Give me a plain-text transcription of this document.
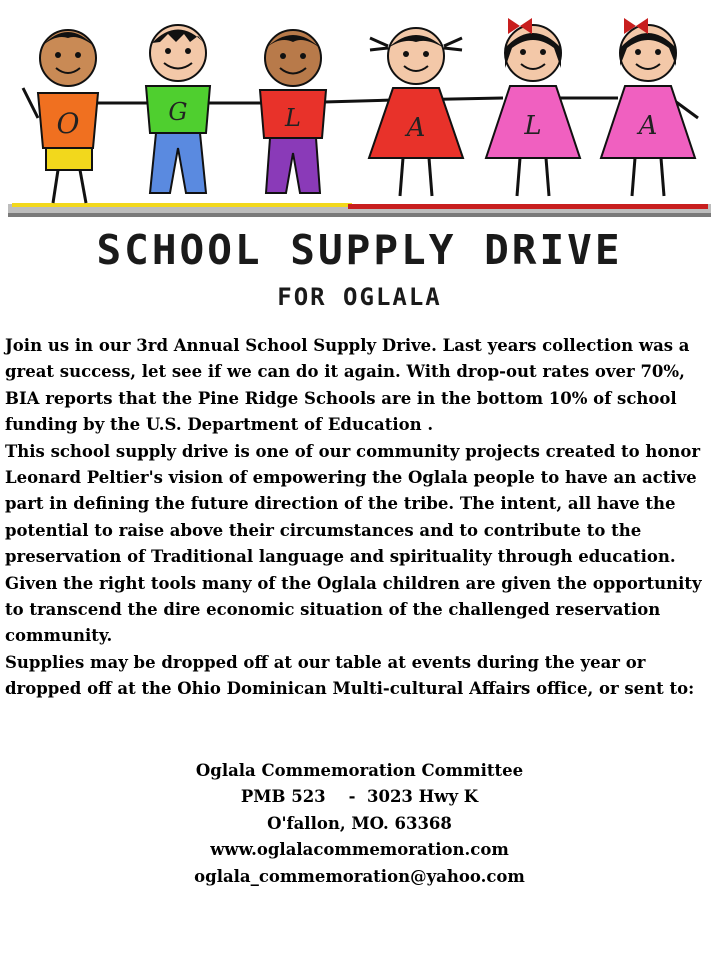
O	G	L	A	L	A
SCHOOL SUPPLY DRIVE
FOR OGLALA

Join us in our 3rd Annual School Supply Drive. Last years collection was a great success, let see if we can do it again. With drop-out rates over 70%, BIA reports that the Pine Ridge Schools are in the bottom 10% of school funding by the U.S. Department of Education .

This school supply drive is one of our community projects created to honor Leonard Peltier's vision of empowering the Oglala people to have an active part in defining the future direction of the tribe. The intent, all have the potential to raise above their circumstances and to contribute to the preservation of Traditional language and spirituality through education.

Given the right tools many of the Oglala children are given the opportunity to transcend the dire economic situation of the challenged reservation community.

Supplies may be dropped off at our table at events during the year or dropped off at the Ohio Dominican Multi-cultural Affairs office, or sent to:

Oglala Commemoration Committee
PMB 523    -  3023 Hwy K
O'fallon, MO. 63368
www.oglalacommemoration.com
oglala_commemoration@yahoo.com
